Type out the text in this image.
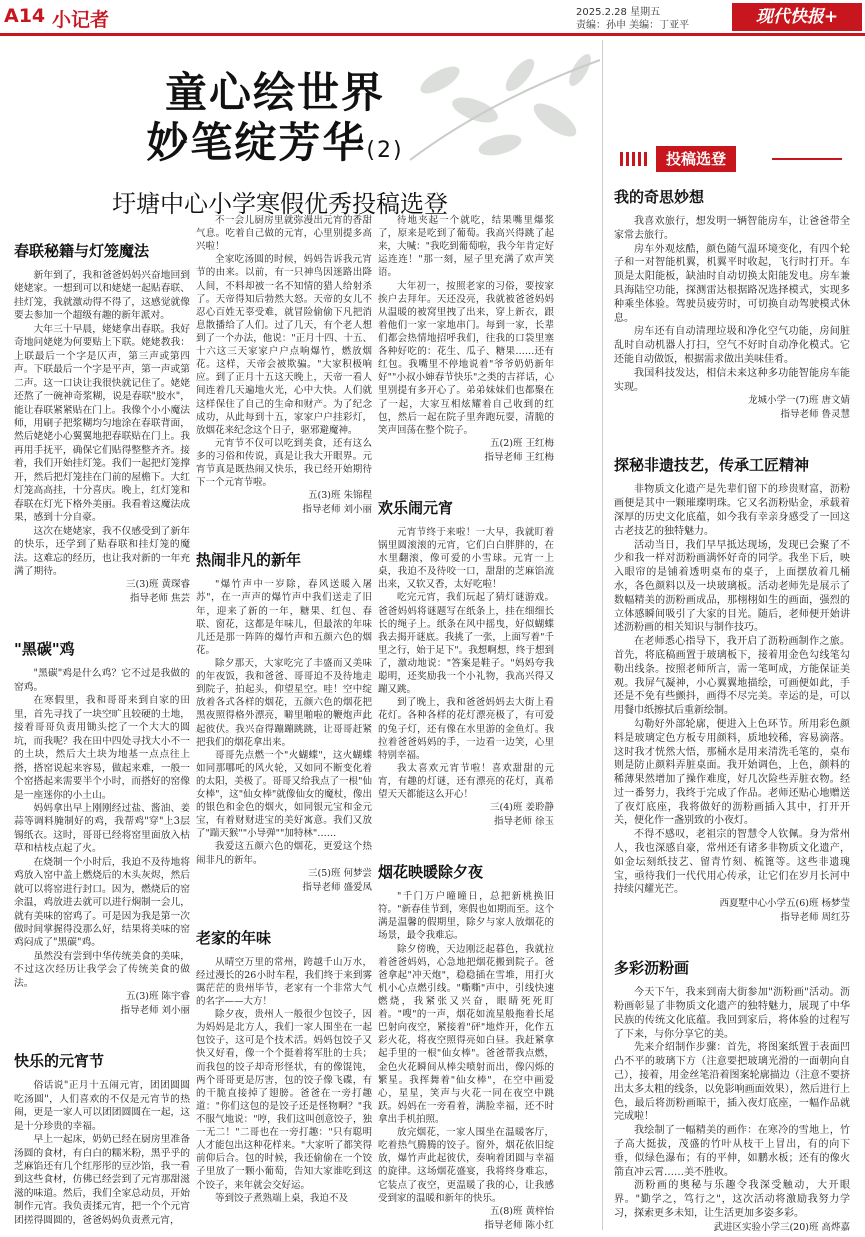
A14 小记者	2025.2.28 星期五
责编：孙申 美编：丁亚平	现代快报+
童心绘世界
妙笔绽芳华(2)
圩塘中心小学寒假优秀投稿选登
投稿选登
春联秘籍与灯笼魔法

新年到了，我和爸爸妈妈兴奋地回到姥姥家。一想到可以和姥姥一起贴春联、挂灯笼，我就激动得不得了，这感觉就像要去参加一个超级有趣的新年派对。

大年三十早晨，姥姥拿出春联。我好奇地问姥姥为何要贴上下联。姥姥教我：上联最后一个字是仄声，第三声或第四声。下联最后一个字是平声，第一声或第二声。这一口诀让我很快就记住了。姥姥还熬了一碗神奇浆糊，说是春联"胶水"，能让春联紧紧贴在门上。我像个小小魔法师，用刷子把浆糊均匀地涂在春联背面，然后姥姥小心翼翼地把春联贴在门上。我再用手抚平，确保它们贴得整整齐齐。接着，我们开始挂灯笼。我们一起把灯笼撑开，然后把灯笼挂在门前的屋檐下。大红灯笼高高挂，十分喜庆。晚上，红灯笼和春联在灯光下格外美丽。我看着这魔法成果，感到十分自豪。

这次在姥姥家，我不仅感受到了新年的快乐，还学到了贴春联和挂灯笼的魔法。这难忘的经历，也让我对新的一年充满了期待。

三(3)班 黄琛睿
指导老师 焦芸
"黑碳"鸡

"黑碳"鸡是什么鸡？它不过是我做的窑鸡。

在寒假里，我和哥哥来到自家的田里，首先寻找了一块空旷且较硬的土地，接着哥哥负责用锄头挖了一个大大的圆坑，而我呢？我在田中四处寻找大小不一的土块，然后大土块为地基一点点往上搭，搭窑说起来容易，做起来难，一般一个窑搭起来需要半个小时，而搭好的窑像是一座迷你的小土山。

妈妈拿出早上刚刚经过盐、酱油、姜蒜等调料腌制好的鸡，我帮鸡"穿"上3层锡纸衣。这时，哥哥已经将窑里面放入枯草和枯枝点起了火。

在烧制一个小时后，我迫不及待地将鸡放入窑中盖上燃烧后的木头灰烬，然后就可以将窑进行封口。因为，燃烧后的窑余温，鸡放进去就可以进行焖制一会儿，就有美味的窑鸡了。可是因为我是第一次做时间掌握得没那么好，结果将美味的窑鸡闷成了"黑碳"鸡。

虽然没有尝到中华传统美食的美味，不过这次经历让我学会了传统美食的做法。

五(3)班 陈宇睿
指导老师 刘小丽
快乐的元宵节

俗话说"正月十五闹元宵，团团圆圆吃汤圆"，人们喜欢的不仅是元宵节的热闹，更是一家人可以团团圆圆在一起，这是十分珍贵的幸福。

早上一起床，奶奶已经在厨房里准备汤圆的食材，有白白的糯米粉，黑乎乎的芝麻馅还有几个红彤彤的豆沙馅，我一看到这些食材，仿佛已经尝到了元宵那甜滋滋的味道。然后，我们全家总动员，开始制作元宵。我负责揉元宵，把一个个元宵团搓得圆圆的，爸爸妈妈负责煮元宵，

不一会儿厨房里就弥漫出元宵的香甜气息。吃着自己做的元宵，心里别提多高兴啦！

全家吃汤圆的时候，妈妈告诉我元宵节的由来。以前，有一只神鸟因迷路出降人间，不料却被一名不知情的猎人给射杀了。天帝得知后勃然大怒。天帝的女儿不忍心百姓无辜受难，就冒险偷偷下凡把消息散播给了人们。过了几天，有个老人想到了一个办法，他说："正月十四、十五、十六这三天家家户户点响爆竹，燃放烟花。这样，天帝会被欺骗。"大家积极响应。到了正月十五这天晚上，天帝一看人间连着几天遍地火光，心中大快。人们就这样保住了自己的生命和财产。为了纪念成功，从此每到十五，家家户户挂彩灯，放烟花来纪念这个日子，驱邪避魔神。

元宵节不仅可以吃到美食，还有这么多的习俗和传说，真是让我大开眼界。元宵节真是既热闹又快乐，我已经开始期待下一个元宵节啦。

五(3)班 朱锦程
指导老师 刘小丽
热闹非凡的新年

"爆竹声中一岁除，春风送暖入屠苏"，在一声声的爆竹声中我们送走了旧年，迎来了新的一年，糖果、红包、春联、窗花，这都是年味儿，但最浓的年味儿还是那一阵阵的爆竹声和五颜六色的烟花。

除夕那天，大家吃完了丰盛而又美味的年夜饭，我和爸爸、哥哥迫不及待地走到院子，拍起头，仰望星空。哇！空中绽放着各式各样的烟花，五颜六色的烟花把黑夜照得格外漂亮，噼里啪啦的鞭炮声此起彼伏。我兴奋得蹦蹦跳跳，让哥哥赶紧把我们的烟花拿出来。

哥哥先点燃一个"火蝴蝶"，这火蝴蝶如同那哪吒的风火轮，又如同不断变化着的太阳，美极了。哥哥又给我点了一根"仙女棒"，这"仙女棒"就像仙女的魔杖，像出的银色和金色的烟火，如同银元宝和金元宝，有着财财进宝的美好寓意。我们又放了"踹天猴""小导弹""加特林"……

我爱这五颜六色的烟花，更爱这个热闹非凡的新年。

三(5)班 何梦尝
指导老师 盛爱凤
老家的年味

从晴空万里的常州，跨越千山万水，经过漫长的26小时车程，我们终于来到雾霭茫茫的贵州毕节，老家有一个非常大气的名字——大方！

除夕夜，贵州人一般很少包饺子，因为妈妈是北方人，我们一家人围坐在一起包饺子，这可是个技术活。妈妈包饺子又快又好看，像一个个挺着将军肚的士兵；而我包的饺子却奇形怪状，有的像馄饨，两个哥哥更是厉害，包的饺子像飞碟，有的干脆直接掉了翅膀。爸爸在一旁打趣道："你们这包的是饺子还是怪物啊？"我不服气地说："哼，我们这叫创意饺子，独一无二！"二哥也在一旁打趣："只有聪明人才能包出这种花样来。"大家听了都笑得前仰后合。包的时候，我还偷偷在一个饺子里放了一颗小葡萄，告知大家谁吃到这个饺子，来年就会交好运。

等到饺子煮熟端上桌，我迫不及

待地夹起一个就吃，结果嘴里爆浆了，原来是吃到了葡萄。我高兴得跳了起来，大喊："我吃到葡萄啦，我今年肯定好运连连！"那一刻，屋子里充满了欢声笑语。

大年初一，按照老家的习俗，要按家挨户去拜年。天还没亮，我就被爸爸妈妈从温暖的被窝里拽了出来，穿上新衣，跟着他们一家一家地串门。每到一家，长辈们都会热情地招呼我们，往我的口袋里塞各种好吃的：花生、瓜子、糖果……还有红包。我嘴里不停地说着"爷爷奶奶新年好""小叔小婶春节快乐"之类的吉祥话，心里别提有多开心了。弟弟妹妹们也都聚在了一起，大家互相炫耀着自己收到的红包，然后一起在院子里奔跑玩耍，清脆的笑声回荡在整个院子。

五(2)班 王红梅
指导老师 王红梅
欢乐闹元宵

元宵节终于来啦！一大早，我就盯着锅里圆滚滚的元宵，它们白白胖胖的，在水里翻滚，像可爱的小雪球。元宵一上桌，我迫不及待咬一口，甜甜的芝麻馅流出来，又软又香，太好吃啦！

吃完元宵，我们玩起了猜灯谜游戏。爸爸妈妈将谜题写在纸条上，挂在细细长长的绳子上。纸条在风中摇曳，好似蝴蝶我去揭开谜底。我挑了一张，上面写着"千里之行，始于足下"。我想啊想，终于想到了，激动地说："答案是鞋子。"妈妈夸我聪明，还奖励我一个小礼物，我高兴得又蹦又跳。

到了晚上，我和爸爸妈妈去大街上看花灯。各种各样的花灯漂亮极了，有可爱的兔子灯，还有像在水里游的金鱼灯。我拉着爸爸妈妈的手，一边看一边笑，心里特别幸福。

我太喜欢元宵节啦！喜欢甜甜的元宵，有趣的灯谜，还有漂亮的花灯，真希望天天都能这么开心！

三(4)班 姜聆静
指导老师 徐玉
烟花映暖除夕夜

"千门万户曈曈日，总把新桃换旧符。"新春佳节到，寒假也如期而至。这个满是温馨的假期里，除夕与家人放烟花的场景，最令我难忘。

除夕傍晚，天边刚泛起暮色，我就拉着爸爸妈妈，心急地把烟花搬到院子。爸爸拿起"冲天炮"，稳稳插在雪堆，用打火机小心点燃引线。"嘶嘶"声中，引线快速燃烧，我紧张又兴奋，眼睛死死盯着。"嗖"的一声，烟花如流星般拖着长尾巴射向夜空，紧接着"砰"地炸开，化作五彩火花，将夜空照得亮如白昼。我赶紧拿起手里的一根"仙女棒"。爸爸帮我点燃，金色火花瞬间从棒尖喷射而出，像闪烁的繁星。我挥舞着"仙女棒"，在空中画爱心，星星，笑声与火花一同在夜空中跳跃。妈妈在一旁看着，满脸幸福，还不时拿出手机拍照。

放完烟花，一家人围坐在温暖客厅，吃着热气腾腾的饺子。窗外，烟花依旧绽放，爆竹声此起彼伏，奏响着团圆与幸福的旋律。这场烟花盛宴，我将终身难忘，它装点了夜空，更温暖了我的心，让我感受到家的温暖和新年的快乐。

五(8)班 黄梓怡
指导老师 陈小红
我的奇思妙想

我喜欢旅行，想发明一辆智能房车，让爸爸带全家常去旅行。

房车外观炫酷，颜色随气温环境变化，有四个轮子和一对智能机翼，机翼平时收起，飞行时打开。车顶是太阳能板，缺油时自动切换太阳能发电。房车兼具海陆空功能，探测雷达根据路况选择模式，实现多种乘坐体验。驾驶员疲劳时，可切换自动驾驶模式休息。

房车还有自动清理垃圾和净化空气功能，房间脏乱时自动机器人打扫，空气不好时自动净化模式。它还能自动做饭，根据需求做出美味佳肴。

我国科技发达，相信未来这种多功能智能房车能实现。

龙城小学一(7)班 唐文婧
指导老师 鲁灵慧
探秘非遗技艺，传承工匠精神

非物质文化遗产是先辈们留下的珍贵财富，沥粉画便是其中一颗璀璨明珠。它又名沥粉贴金，承载着深厚的历史文化底蕴，如今我有幸亲身感受了一回这古老技艺的独特魅力。

活动当日，我们早早抵达现场，发现已会聚了不少和我一样对沥粉画满怀好奇的同学。我坐下后，映入眼帘的是铺着透明桌布的桌子，上面摆放着几桶水，各色颜料以及一块玻璃板。活动老师先是展示了数幅精美的沥粉画成品，那栩栩如生的画面，强烈的立体感瞬间吸引了大家的目光。随后，老师便开始讲述沥粉画的相关知识与制作技巧。

在老师悉心指导下，我开启了沥粉画制作之旅。首先，将底稿画置于玻璃板下，接着用金色勾线笔勾勒出线条。按照老师所言，需一笔呵成，方能保证美观。我屏气凝神，小心翼翼地描绘，可画便如此，手还是不免有些颤抖，画得不尽完美。幸运的是，可以用餐巾纸擦拭后重新绘制。

勾勒好外部轮廓，便进入上色环节。所用彩色颜料是玻璃定色方板专用颜料，质地较稀，容易滴落。这时我才恍然大悟，那桶水是用来清洗毛笔的，桌布则是防止颜料弄脏桌面。我开始调色，上色，颜料的稀薄果然增加了操作难度，好几次险些弄脏衣物。经过一番努力，我终于完成了作品。老师还贴心地赠送了夜灯底座，我将做好的沥粉画插入其中，打开开关，便化作一盏别致的小夜灯。

不得不感叹，老祖宗的智慧令人钦佩。身为常州人，我也深感自豪，常州还有诸多非物质文化遗产，如金坛刻纸技艺、留青竹刻、梳篦等。这些非遗瑰宝，亟待我们一代代用心传承，让它们在岁月长河中持续闪耀光芒。

西夏墅中心小学五(6)班 杨梦莹
指导老师 周红芬
多彩沥粉画

今天下午，我来到南大街参加"沥粉画"活动。沥粉画彰显了非物质文化遗产的独特魅力，展现了中华民族的传统文化底蕴。我回到家后，将体验的过程写了下来，与你分享它的美。

先来介绍制作步骤：首先，将图案纸置于表面凹凸不平的玻璃下方（注意要把玻璃光滑的一面朝向自己），接着，用金丝笔沿着图案轮廓描边（注意不要挤出太多太粗的线条，以免影响画面效果），然后进行上色，最后将沥粉画晾干，插入夜灯底座，一幅作品就完成啦！

我绘制了一幅精美的画作：在寒冷的雪地上，竹子高大挺拔，茂盛的竹叶从枝干上冒出，有的向下垂，似绿色瀑布；有的平伸，如鹏水板；还有的像火箭直冲云霄……美不胜收。

沥粉画的奥秘与乐趣令我深受触动，大开眼界。"勤学之，笃行之"，这次活动将激励我努力学习，探索更多未知，让生活更加多姿多彩。

武进区实验小学三(20)班 高烨嘉
